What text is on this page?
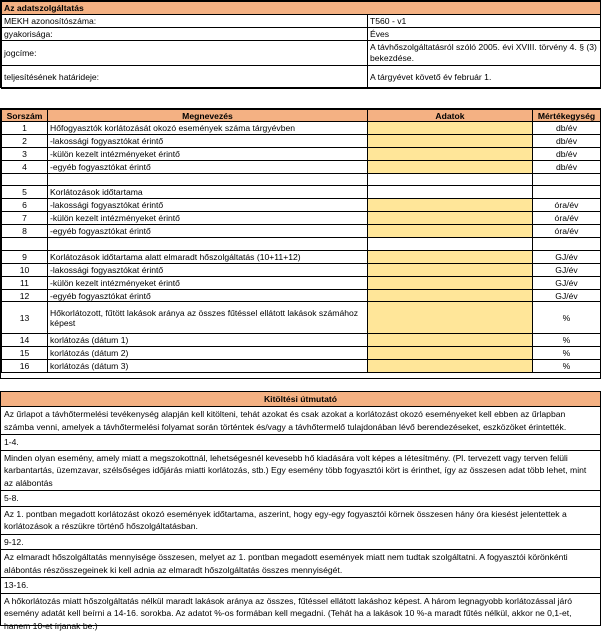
Az adatszolgáltatás	
MEKH azonosítószáma:	T560 - v1
gyakorisága:	Éves
jogcíme:	A távhőszolgáltatásról szóló 2005. évi XVIII. törvény 4. § (3) bekezdése.
teljesítésének határideje:	A tárgyévet követő év február 1.
Sorszám	Megnevezés	Adatok	Mértékegység
1	Hőfogyasztók korlátozását okozó események száma tárgyévben		db/év
2	-lakossági fogyasztókat érintő		db/év
3	-külön kezelt intézményeket érintő		db/év
4	-egyéb fogyasztókat érintő		db/év

5	Korlátozások időtartama		
6	-lakossági fogyasztókat érintő		óra/év
7	-külön kezelt intézményeket érintő		óra/év
8	-egyéb fogyasztókat érintő		óra/év

9	Korlátozások időtartama alatt elmaradt hőszolgáltatás (10+11+12)		GJ/év
10	-lakossági fogyasztókat érintő		GJ/év
11	-külön kezelt intézményeket érintő		GJ/év
12	-egyéb fogyasztókat érintő		GJ/év
13	Hőkorlátozott, fűtött lakások aránya az összes fűtéssel ellátott lakások számához képest		%
14	korlátozás (dátum 1)		%
15	korlátozás (dátum 2)		%
16	korlátozás (dátum 3)		%
Kitöltési útmutató
Az űrlapot a távhőtermelési tevékenység alapján kell kitölteni, tehát azokat és csak azokat a korlátozást okozó eseményeket kell ebben az űrlapban számba venni, amelyek a távhőtermelési folyamat során történtek és/vagy a távhőtermelő tulajdonában lévő berendezéseket, eszközöket érintették.
1-4.
Minden olyan esemény, amely miatt a megszokottnál, lehetségesnél kevesebb hő kiadására volt képes a létesítmény. (Pl. tervezett vagy terven felüli karbantartás, üzemzavar, szélsőséges időjárás miatti korlátozás, stb.) Egy esemény több fogyasztói kört is érinthet, így az összesen adat több lehet, mint az alábontás
5-8.
Az 1. pontban megadott korlátozást okozó események időtartama, aszerint, hogy egy-egy fogyasztói körnek összesen hány óra kiesést jelentettek a korlátozások a részükre történő hőszolgáltatásban.
9-12.
Az elmaradt hőszolgáltatás mennyisége összesen, melyet az 1. pontban megadott események miatt nem tudtak szolgáltatni. A fogyasztói körönkénti alábontás részösszegeinek ki kell adnia az elmaradt hőszolgáltatás összes mennyiségét.
13-16.
A hőkorlátozás miatt hőszolgáltatás nélkül maradt lakások aránya az összes, fűtéssel ellátott lakáshoz képest. A három legnagyobb korlátozással járó esemény adatát kell beírni a 14-16. sorokba. Az adatot %-os formában kell megadni. (Tehát ha a lakások 10 %-a maradt fűtés nélkül, akkor ne 0,1-et, hanem 10-et írjanak be.)
